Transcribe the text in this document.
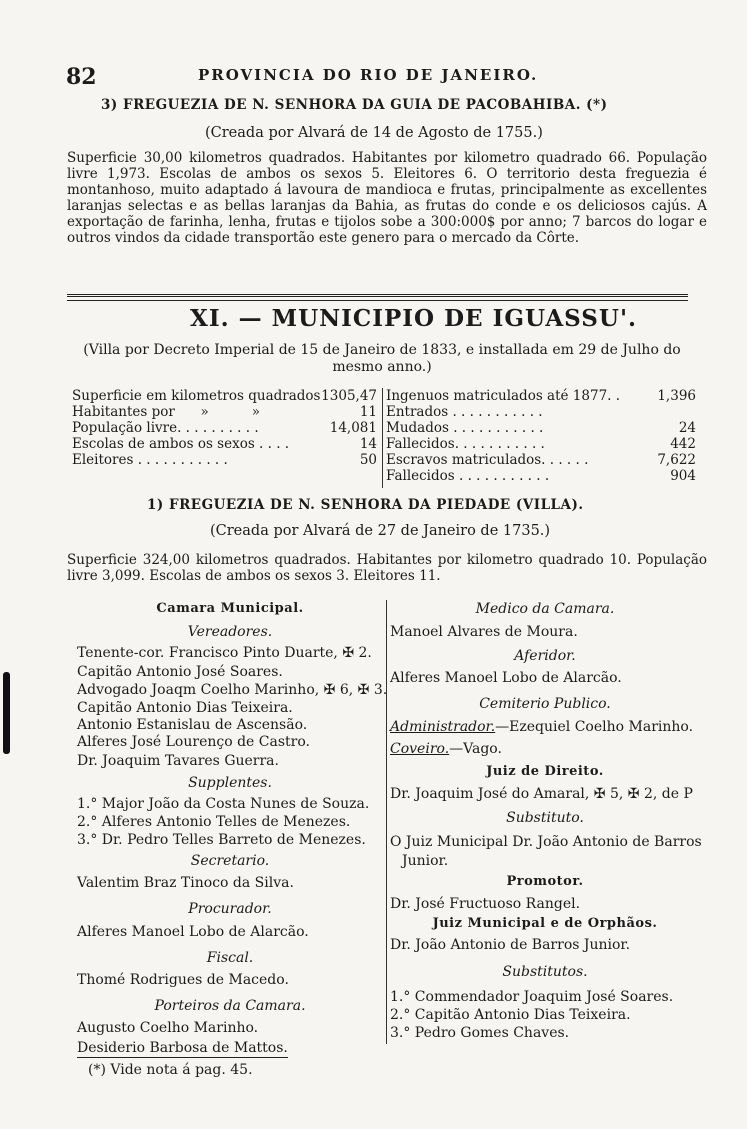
82	PROVINCIA DO RIO DE JANEIRO.
3) FREGUEZIA DE N. SENHORA DA GUIA DE PACOBAHIBA. (*)
(Creada por Alvará de 14 de Agosto de 1755.)
Superficie 30,00 kilometros quadrados. Habitantes por kilometro quadrado 66. População livre 1,973. Escolas de ambos os sexos 5. Eleitores 6. O territorio desta freguezia é montanhoso, muito adaptado á lavoura de mandioca e frutas, principalmente as excellentes laranjas selectas e as bellas laranjas da Bahia, as frutas do conde e os deliciosos cajús. A exportação de farinha, lenha, frutas e tijolos sobe a 300:000$ por anno; 7 barcos do logar e outros vindos da cidade transportão este genero para o mercado da Côrte.
XI. — MUNICIPIO DE IGUASSU'.
(Villa por Decreto Imperial de 15 de Janeiro de 1833, e installada em 29 de Julho do mesmo anno.)
Superficie em kilometros quadrados 1305,47
Habitantes por      »          »	11
População livre. . . . . . . . . .	14,081
Escolas de ambos os sexos . . . .	14
Eleitores . . . . . . . . . . .	50
Ingenuos matriculados até 1877. .	1,396
Entrados . . . . . . . . . . .
Mudados . . . . . . . . . . .	24
Fallecidos. . . . . . . . . . .	442
Escravos matriculados. . . . . .	7,622
Fallecidos . . . . . . . . . . .	904
1) FREGUEZIA DE N. SENHORA DA PIEDADE (VILLA).
(Creada por Alvará de 27 de Janeiro de 1735.)
Superficie 324,00 kilometros quadrados. Habitantes por kilometro quadrado 10. População livre 3,099. Escolas de ambos os sexos 3. Eleitores 11.
Camara Municipal.
Vereadores.
Tenente-cor. Francisco Pinto Duarte, ✠ 2.
Capitão Antonio José Soares.
Advogado Joaqm Coelho Marinho, ✠ 6, ✠ 3.
Capitão Antonio Dias Teixeira.
Antonio Estanislau de Ascensão.
Alferes José Lourenço de Castro.
Dr. Joaquim Tavares Guerra.
Supplentes.
1.° Major João da Costa Nunes de Souza.
2.° Alferes Antonio Telles de Menezes.
3.° Dr. Pedro Telles Barreto de Menezes.
Secretario.
Valentim Braz Tinoco da Silva.
Procurador.
Alferes Manoel Lobo de Alarcão.
Fiscal.
Thomé Rodrigues de Macedo.
Porteiros da Camara.
Augusto Coelho Marinho.
Desiderio Barbosa de Mattos.
Medico da Camara.
Manoel Alvares de Moura.
Aferidor.
Alferes Manoel Lobo de Alarcão.
Cemiterio Publico.
Administrador.—Ezequiel Coelho Marinho.
Coveiro.—Vago.
Juiz de Direito.
Dr. Joaquim José do Amaral, ✠ 5, ✠ 2, de P
Substituto.
O Juiz Municipal Dr. João Antonio de Barros
Junior.
Promotor.
Dr. José Fructuoso Rangel.
Juiz Municipal e de Orphãos.
Dr. João Antonio de Barros Junior.
Substitutos.
1.° Commendador Joaquim José Soares.
2.° Capitão Antonio Dias Teixeira.
3.° Pedro Gomes Chaves.
(*) Vide nota á pag. 45.
